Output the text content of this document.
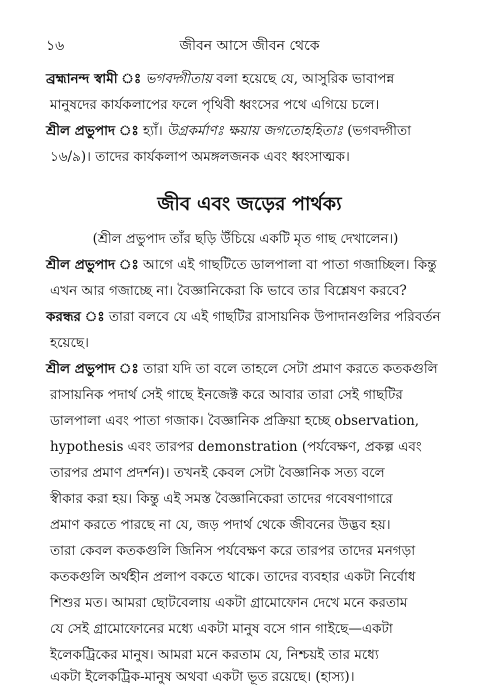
১৬	জীবন আসে জীবন থেকে
ব্রহ্মানন্দ স্বামী ঃ ভগবদ্গীতায় বলা হয়েছে যে, আসুরিক ভাবাপন্ন
মানুষদের কার্যকলাপের ফলে পৃথিবী ধ্বংসের পথে এগিয়ে চলে।
শ্রীল প্রভুপাদ ঃ হ্যাঁ। উগ্রকর্মাণঃ ক্ষয়ায় জগতোহহিতাঃ (ভগবদ্গীতা
১৬/৯)। তাদের কার্যকলাপ অমঙ্গলজনক এবং ধ্বংসাত্মক।
জীব এবং জড়ের পার্থক্য
(শ্রীল প্রভুপাদ তাঁর ছড়ি উঁচিয়ে একটি মৃত গাছ দেখালেন।)
শ্রীল প্রভুপাদ ঃ আগে এই গাছটিতে ডালপালা বা পাতা গজাচ্ছিল। কিন্তু
এখন আর গজাচ্ছে না। বৈজ্ঞানিকেরা কি ভাবে তার বিশ্লেষণ করবে?
করন্ধর ঃ তারা বলবে যে এই গাছটির রাসায়নিক উপাদানগুলির পরিবর্তন
হয়েছে।
শ্রীল প্রভুপাদ ঃ তারা যদি তা বলে তাহলে সেটা প্রমাণ করতে কতকগুলি
রাসায়নিক পদার্থ সেই গাছে ইনজেক্ট করে আবার তারা সেই গাছটির
ডালপালা এবং পাতা গজাক। বৈজ্ঞানিক প্রক্রিয়া হচ্ছে observation,
hypothesis এবং তারপর demonstration (পর্যবেক্ষণ, প্রকল্প এবং
তারপর প্রমাণ প্রদর্শন)। তখনই কেবল সেটা বৈজ্ঞানিক সত্য বলে
স্বীকার করা হয়। কিন্তু এই সমস্ত বৈজ্ঞানিকেরা তাদের গবেষণাগারে
প্রমাণ করতে পারছে না যে, জড় পদার্থ থেকে জীবনের উদ্ভব হয়।
তারা কেবল কতকগুলি জিনিস পর্যবেক্ষণ করে তারপর তাদের মনগড়া
কতকগুলি অর্থহীন প্রলাপ বকতে থাকে। তাদের ব্যবহার একটা নির্বোধ
শিশুর মত। আমরা ছোটবেলায় একটা গ্রামোফোন দেখে মনে করতাম
যে সেই গ্রামোফোনের মধ্যে একটা মানুষ বসে গান গাইছে—একটা
ইলেকট্রিকের মানুষ। আমরা মনে করতাম যে, নিশ্চয়ই তার মধ্যে
একটা ইলেকট্রিক-মানুষ অথবা একটা ভূত রয়েছে। (হাস্য)।
